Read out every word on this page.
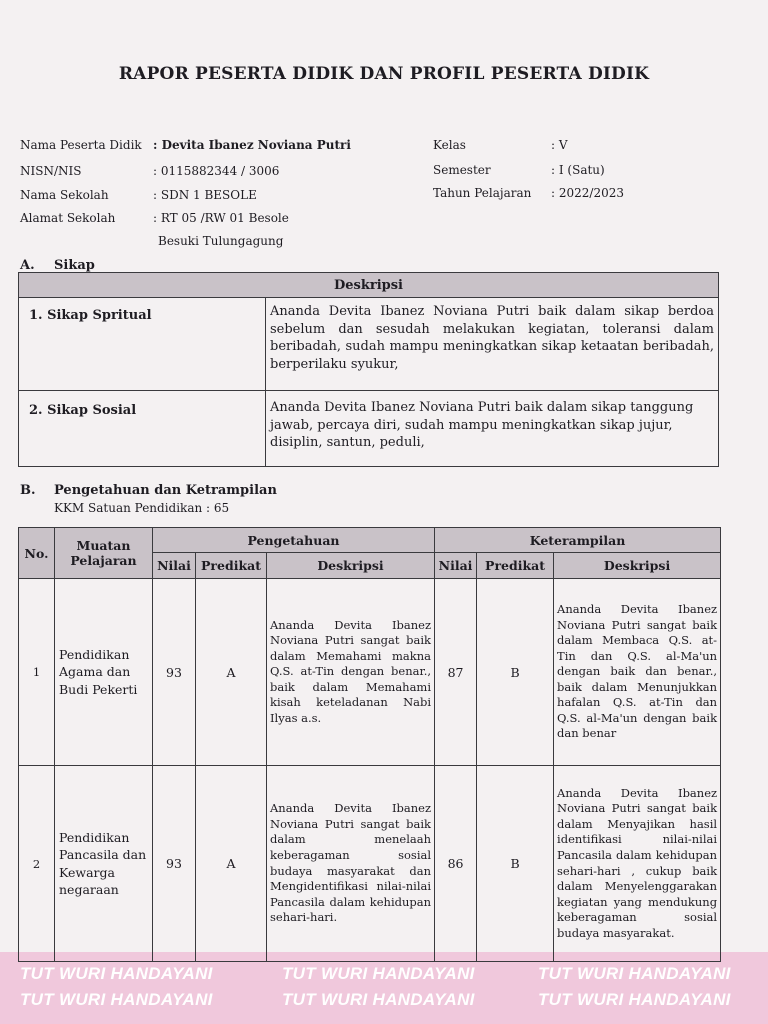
TUT WURI HANDAYANI	TUT WURI HANDAYANI	TUT WURI HANDAYANI
TUT WURI HANDAYANI	TUT WURI HANDAYANI	TUT WURI HANDAYANI
RAPOR PESERTA DIDIK DAN PROFIL PESERTA DIDIK
Nama Peserta Didik : Devita Ibanez Noviana Putri
NISN/NIS	: 0115882344 / 3006
Nama Sekolah	: SDN 1 BESOLE
Alamat Sekolah	: RT 05 /RW 01 Besole
Besuki Tulungagung
Kelas	: V
Semester	: I (Satu)
Tahun Pelajaran : 2022/2023
A. Sikap
Deskripsi	
1. Sikap Spritual	Ananda Devita Ibanez Noviana Putri baik dalam sikap berdoa sebelum dan sesudah melakukan kegiatan, toleransi dalam beribadah, sudah mampu meningkatkan sikap ketaatan beribadah, berperilaku syukur,
2. Sikap Sosial	Ananda Devita Ibanez Noviana Putri baik dalam sikap tanggung jawab, percaya diri, sudah mampu meningkatkan sikap jujur, disiplin, santun, peduli,
B. Pengetahuan dan Ketrampilan
KKM Satuan Pendidikan : 65
No.	Muatan Pelajaran	Pengetahuan			Keterampilan		
		Nilai	Predikat	Deskripsi	Nilai	Predikat	Deskripsi
1	Pendidikan Agama dan Budi Pekerti	93	A	Ananda Devita Ibanez Noviana Putri sangat baik dalam Memahami makna Q.S. at-Tin dengan benar., baik dalam Memahami kisah keteladanan Nabi Ilyas a.s.	87	B	Ananda Devita Ibanez Noviana Putri sangat baik dalam Membaca Q.S. at-Tin dan Q.S. al-Ma'un dengan baik dan benar., baik dalam Menunjukkan hafalan Q.S. at-Tin dan Q.S. al-Ma'un dengan baik dan benar
2	Pendidikan Pancasila dan Kewarga negaraan	93	A	Ananda Devita Ibanez Noviana Putri sangat baik dalam menelaah keberagaman sosial budaya masyarakat dan Mengidentifikasi nilai-nilai Pancasila dalam kehidupan sehari-hari.	86	B	Ananda Devita Ibanez Noviana Putri sangat baik dalam Menyajikan hasil identifikasi nilai-nilai Pancasila dalam kehidupan sehari-hari , cukup baik dalam Menyelenggarakan kegiatan yang mendukung keberagaman sosial budaya masyarakat.
